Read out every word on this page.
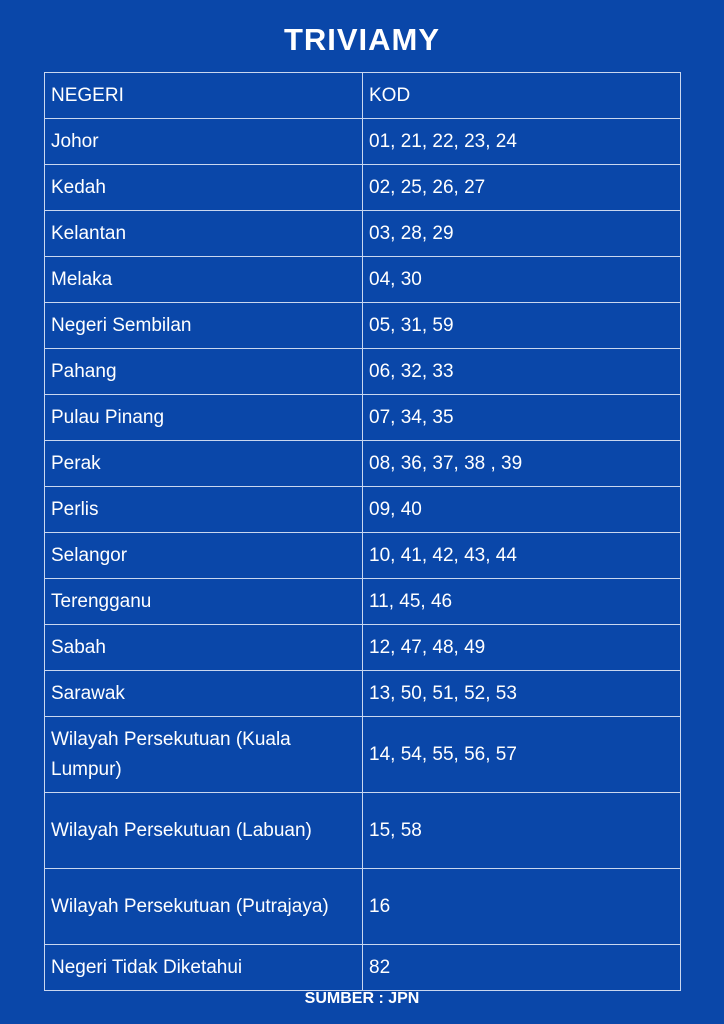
TRIVIAMY
NEGERI	KOD
Johor	01, 21, 22, 23, 24
Kedah	02, 25, 26, 27
Kelantan	03, 28, 29
Melaka	04, 30
Negeri Sembilan	05, 31, 59
Pahang	06, 32, 33
Pulau Pinang	07, 34, 35
Perak	08, 36, 37, 38 , 39
Perlis	09, 40
Selangor	10, 41, 42, 43, 44
Terengganu	11, 45, 46
Sabah	12, 47, 48, 49
Sarawak	13, 50, 51, 52, 53
Wilayah Persekutuan (Kuala Lumpur)	14, 54, 55, 56, 57
Wilayah Persekutuan (Labuan)	15, 58
Wilayah Persekutuan (Putrajaya)	16
Negeri Tidak Diketahui	82
SUMBER : JPN
